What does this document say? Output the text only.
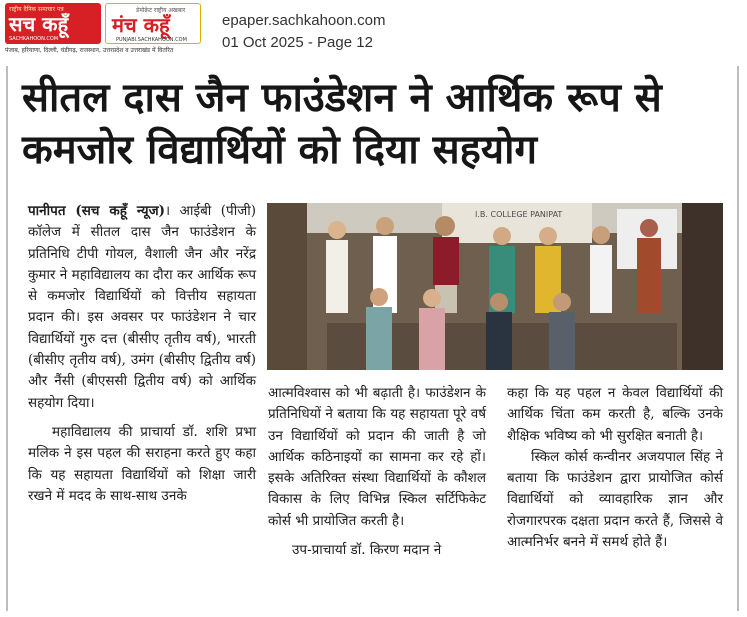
राष्ट्रीय दैनिक समाचार पत्र
सच कहूँ
SACHKAHOON.COM
डेमोक्रेट राष्ट्रीय अखबार
मंच कहूँ
PUNJABI.SACHKAHOON.COM
पंजाब, हरियाणा, दिल्ली, चंडीगढ़, राजस्थान, उत्तरप्रदेश व उत्तराखंड में वितरित
epaper.sachkahoon.com
01 Oct 2025 - Page 12
सीतल दास जैन फाउंडेशन ने आर्थिक रूप से कमजोर विद्यार्थियों को दिया सहयोग

पानीपत (सच कहूँ न्यूज)। आईबी (पीजी) कॉलेज में सीतल दास जैन फाउंडेशन के प्रतिनिधि टीपी गोयल, वैशाली जैन और नरेंद्र कुमार ने महाविद्यालय का दौरा कर आर्थिक रूप से कमजोर विद्यार्थियों को वित्तीय सहायता प्रदान की। इस अवसर पर फाउंडेशन ने चार विद्यार्थियों गुरु दत्त (बीसीए तृतीय वर्ष), भारती (बीसीए तृतीय वर्ष), उमंग (बीसीए द्वितीय वर्ष) और नैंसी (बीएससी द्वितीय वर्ष) को आर्थिक सहयोग दिया।

महाविद्यालय की प्राचार्या डॉ. शशि प्रभा मलिक ने इस पहल की सराहना करते हुए कहा कि यह सहायता विद्यार्थियों को शिक्षा जारी रखने में मदद के साथ-साथ उनके

I.B. COLLEGE PANIPAT

आत्मविश्वास को भी बढ़ाती है। फाउंडेशन के प्रतिनिधियों ने बताया कि यह सहायता पूरे वर्ष उन विद्यार्थियों को प्रदान की जाती है जो आर्थिक कठिनाइयों का सामना कर रहे हों। इसके अतिरिक्त संस्था विद्यार्थियों के कौशल विकास के लिए विभिन्न स्किल सर्टिफिकेट कोर्स भी प्रायोजित करती है।

उप-प्राचार्या डॉ. किरण मदान ने

कहा कि यह पहल न केवल विद्यार्थियों की आर्थिक चिंता कम करती है, बल्कि उनके शैक्षिक भविष्य को भी सुरक्षित बनाती है।

स्किल कोर्स कन्वीनर अजयपाल सिंह ने बताया कि फाउंडेशन द्वारा प्रायोजित कोर्स विद्यार्थियों को व्यावहारिक ज्ञान और रोजगारपरक दक्षता प्रदान करते हैं, जिससे वे आत्मनिर्भर बनने में समर्थ होते हैं।
